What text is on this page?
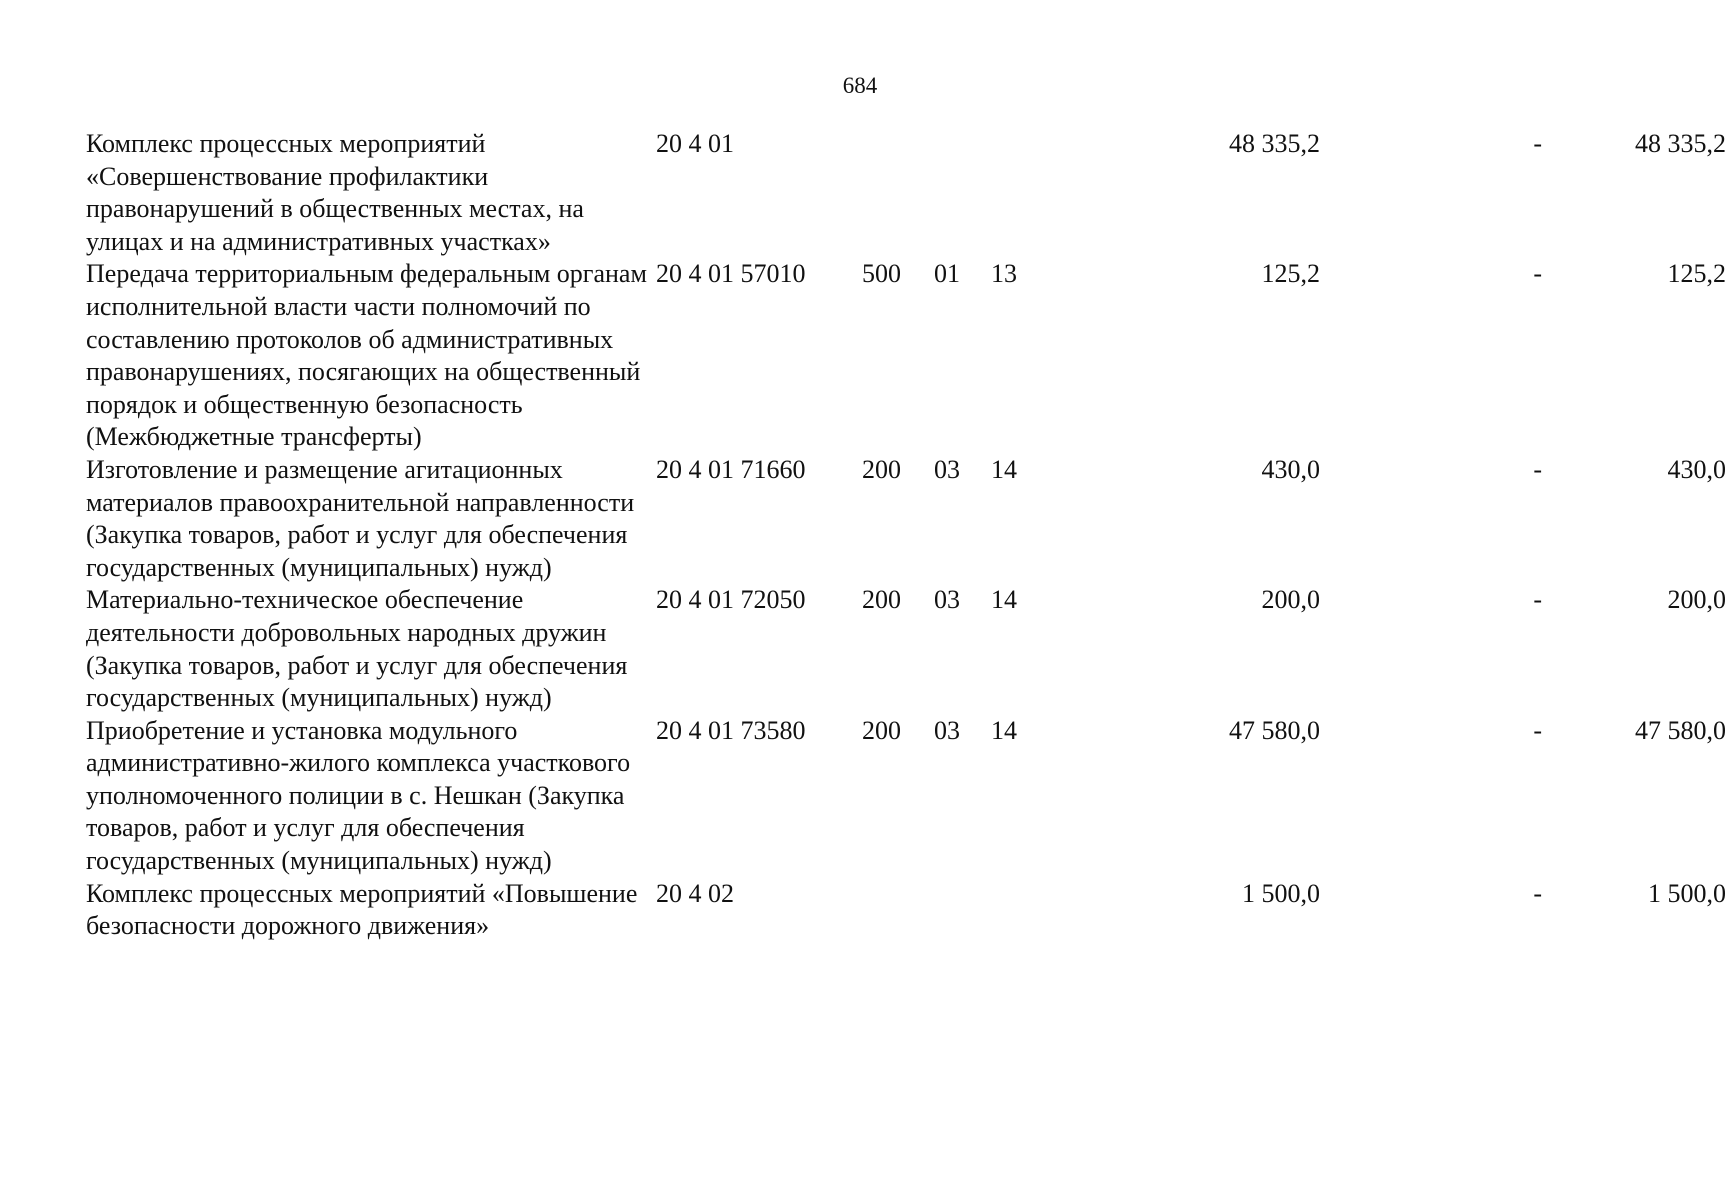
684
Комплекс процессных мероприятий «Совершенствование профилактики правонарушений в общественных местах, на улицах и на административных участках»	20 4 01				48 335,2	-	48 335,2
Передача территориальным федеральным органам исполнительной власти части полномочий по составлению протоколов об административных правонарушениях, посягающих на общественный порядок и общественную безопасность (Межбюджетные трансферты)	20 4 01 57010	500	01	13	125,2	-	125,2
Изготовление и размещение агитационных материалов правоохранительной направленности (Закупка товаров, работ и услуг для обеспечения государственных (муниципальных) нужд)	20 4 01 71660	200	03	14	430,0	-	430,0
Материально-техническое обеспечение деятельности добровольных народных дружин (Закупка товаров, работ и услуг для обеспечения государственных (муниципальных) нужд)	20 4 01 72050	200	03	14	200,0	-	200,0
Приобретение и установка модульного административно-жилого комплекса участкового уполномоченного полиции в с. Нешкан (Закупка товаров, работ и услуг для обеспечения государственных (муниципальных) нужд)	20 4 01 73580	200	03	14	47 580,0	-	47 580,0
Комплекс процессных мероприятий «Повышение безопасности дорожного движения»	20 4 02				1 500,0	-	1 500,0
